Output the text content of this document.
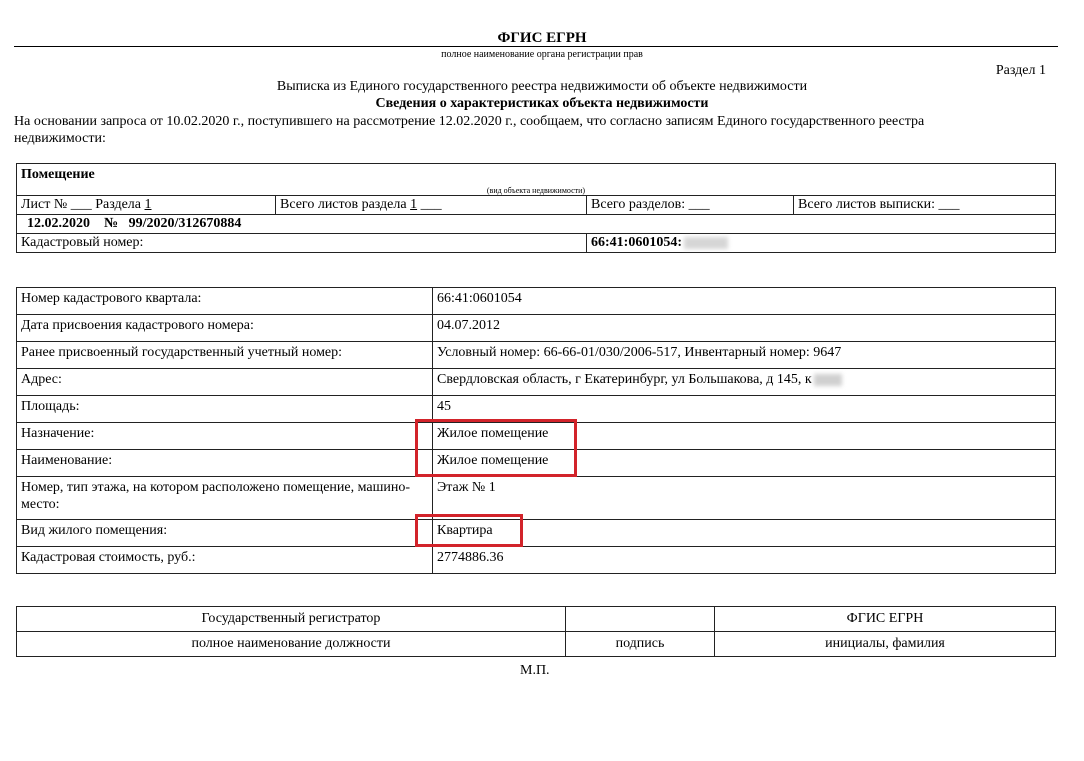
ФГИС ЕГРН
полное наименование органа регистрации прав
Раздел 1
Выписка из Единого государственного реестра недвижимости об объекте недвижимости
Сведения о характеристиках объекта недвижимости
На основании запроса от 10.02.2020 г., поступившего на рассмотрение 12.02.2020 г., сообщаем, что согласно записям Единого государственного реестра недвижимости:
Помещение			
(вид объекта недвижимости)			
Лист № ___ Раздела 1	Всего листов раздела 1 ___	Всего разделов: ___	Всего листов выписки: ___
12.02.2020 № 99/2020/312670884			
Кадастровый номер:		66:41:0601054:	
Номер кадастрового квартала:	66:41:0601054
Дата присвоения кадастрового номера:	04.07.2012
Ранее присвоенный государственный учетный номер:	Условный номер: 66-66-01/030/2006-517, Инвентарный номер: 9647
Адрес:	Свердловская область, г Екатеринбург, ул Большакова, д 145, к
Площадь:	45
Назначение:	Жилое помещение
Наименование:	Жилое помещение
Номер, тип этажа, на котором расположено помещение, машино-место:	Этаж № 1
Вид жилого помещения:	Квартира
Кадастровая стоимость, руб.:	2774886.36
Государственный регистратор		ФГИС ЕГРН
полное наименование должности	подпись	инициалы, фамилия
М.П.
